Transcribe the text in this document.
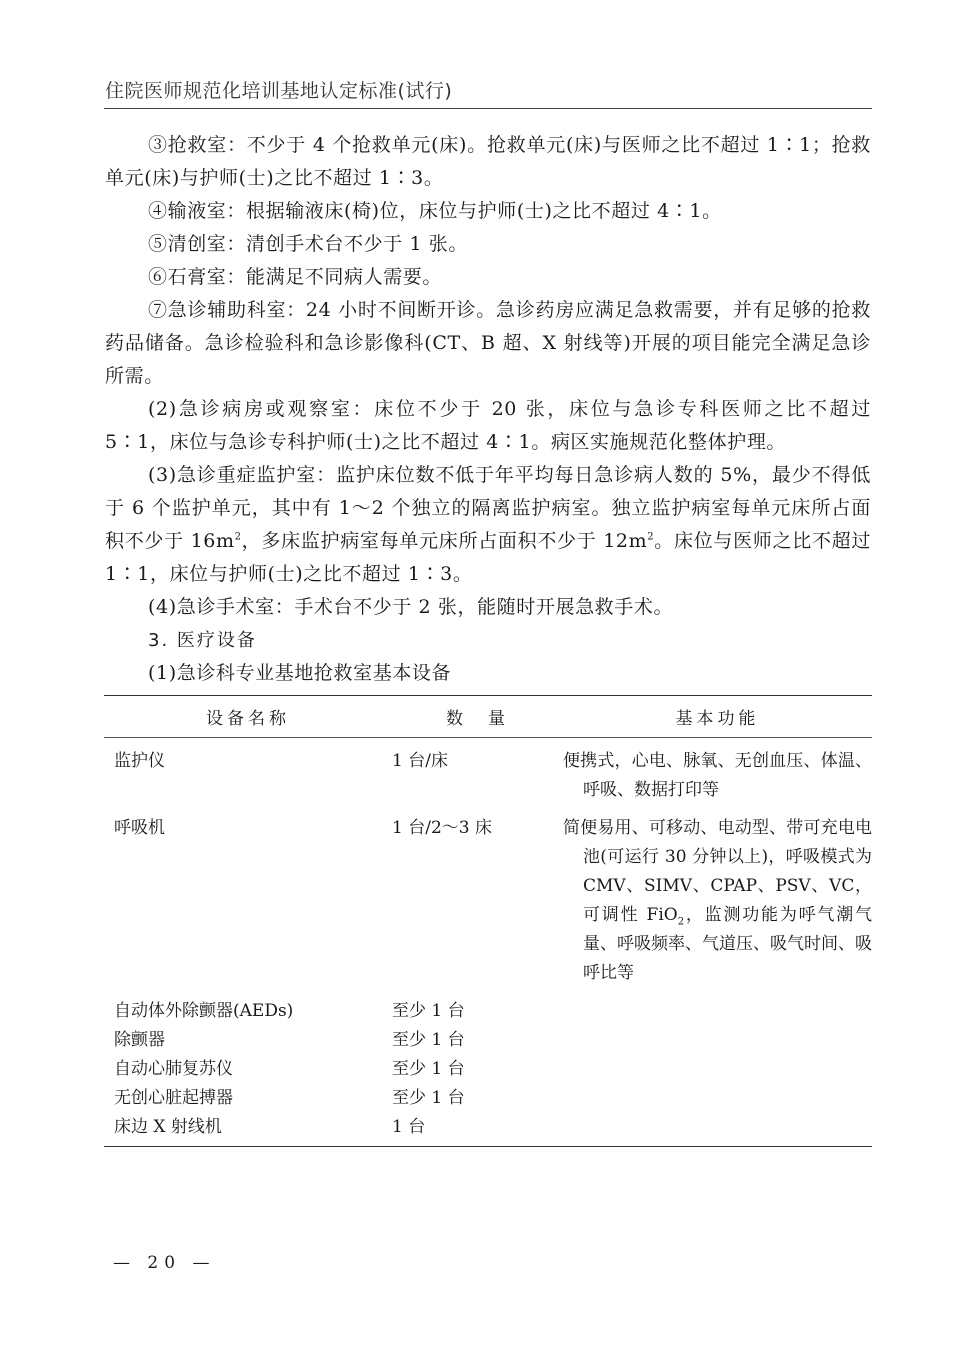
住院医师规范化培训基地认定标准(试行)

③抢救室：不少于 4 个抢救单元(床)。抢救单元(床)与医师之比不超过 1∶1；抢救单元(床)与护师(士)之比不超过 1∶3。

④输液室：根据输液床(椅)位，床位与护师(士)之比不超过 4∶1。

⑤清创室：清创手术台不少于 1 张。

⑥石膏室：能满足不同病人需要。

⑦急诊辅助科室：24 小时不间断开诊。急诊药房应满足急救需要，并有足够的抢救药品储备。急诊检验科和急诊影像科(CT、B 超、X 射线等)开展的项目能完全满足急诊所需。

(2)急诊病房或观察室：床位不少于 20 张，床位与急诊专科医师之比不超过 5∶1，床位与急诊专科护师(士)之比不超过 4∶1。病区实施规范化整体护理。

(3)急诊重症监护室：监护床位数不低于年平均每日急诊病人数的 5%，最少不得低于 6 个监护单元，其中有 1～2 个独立的隔离监护病室。独立监护病室每单元床所占面积不少于 $16m^2$，多床监护病室每单元床所占面积不少于 $12m^2$。床位与医师之比不超过 1∶1，床位与护师(士)之比不超过 1∶3。

(4)急诊手术室：手术台不少于 2 张，能随时开展急救手术。

3. 医疗设备

(1)急诊科专业基地抢救室基本设备

设备名称	数　量	基本功能
监护仪	1 台/床	便携式，心电、脉氧、无创血压、体温、呼吸、数据打印等

呼吸机	1 台/2～3 床	简便易用、可移动、电动型、带可充电电池(可运行 30 分钟以上)，呼吸模式为 CMV、SIMV、CPAP、PSV、VC，可调性 FiO$_2$，监测功能为呼气潮气量、呼吸频率、气道压、吸气时间、吸呼比等

自动体外除颤器(AEDs)	至少 1 台	
除颤器	至少 1 台	
自动心肺复苏仪	至少 1 台	
无创心脏起搏器	至少 1 台	
床边 X 射线机	1 台	
— 20 —
